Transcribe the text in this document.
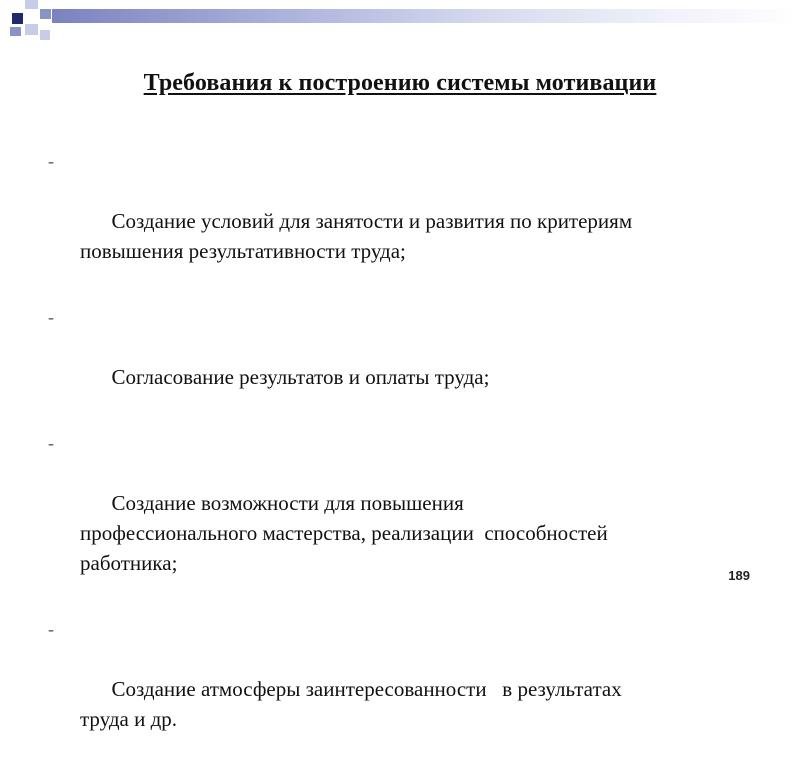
Требования к построению системы мотивации

-

Создание условий для занятости и развития по критериям
повышения результативности труда;

-

Согласование результатов и оплаты труда;

-

Создание возможности для повышения
профессионального мастерства, реализации  способностей
работника;

-

Создание атмосферы заинтересованности   в результатах
труда и др.

189
